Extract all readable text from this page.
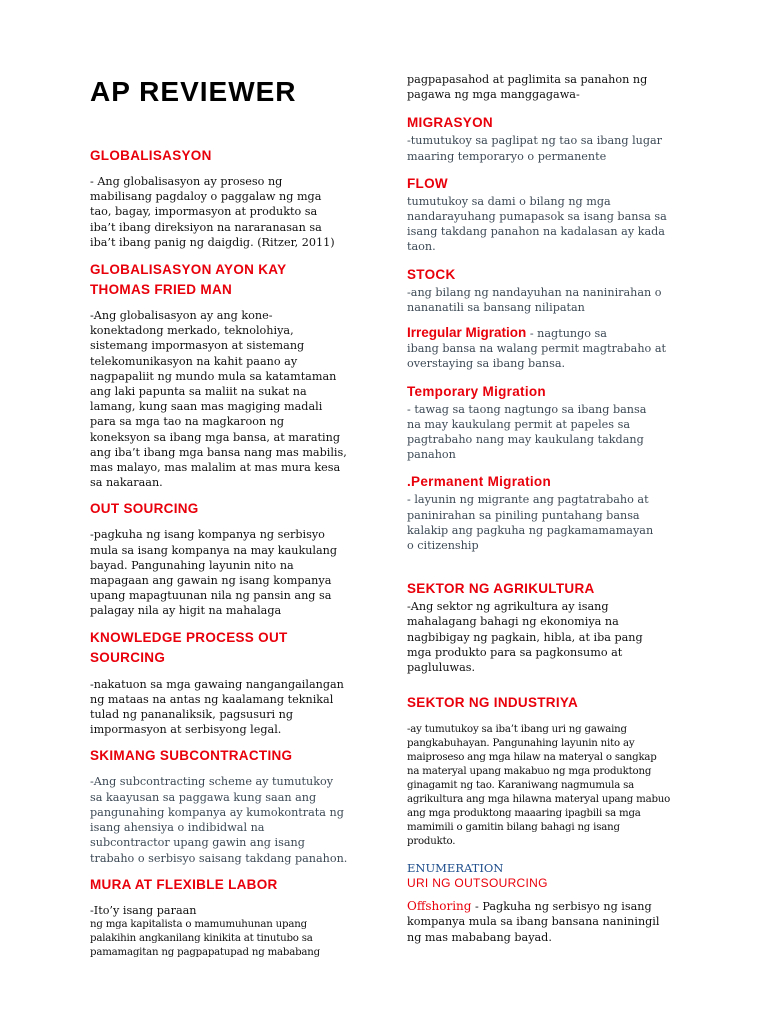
AP REVIEWER

GLOBALISASYON

- Ang globalisasyon ay proseso ng
mabilisang pagdaloy o paggalaw ng mga
tao, bagay, impormasyon at produkto sa
iba’t ibang direksiyon na nararanasan sa
iba’t ibang panig ng daigdig. (Ritzer, 2011)

GLOBALISASYON AYON KAY
THOMAS FRIED MAN

-Ang globalisasyon ay ang kone-
konektadong merkado, teknolohiya,
sistemang impormasyon at sistemang
telekomunikasyon na kahit paano ay
nagpapaliit ng mundo mula sa katamtaman
ang laki papunta sa maliit na sukat na
lamang, kung saan mas magiging madali
para sa mga tao na magkaroon ng
koneksyon sa ibang mga bansa, at marating
ang iba’t ibang mga bansa nang mas mabilis,
mas malayo, mas malalim at mas mura kesa
sa nakaraan.

OUT SOURCING

-pagkuha ng isang kompanya ng serbisyo
mula sa isang kompanya na may kaukulang
bayad. Pangunahing layunin nito na
mapagaan ang gawain ng isang kompanya
upang mapagtuunan nila ng pansin ang sa
palagay nila ay higit na mahalaga

KNOWLEDGE PROCESS OUT
SOURCING

-nakatuon sa mga gawaing nangangailangan
ng mataas na antas ng kaalamang teknikal
tulad ng pananaliksik, pagsusuri ng
impormasyon at serbisyong legal.

SKIMANG SUBCONTRACTING

-Ang subcontracting scheme ay tumutukoy
sa kaayusan sa paggawa kung saan ang
pangunahing kompanya ay kumokontrata ng
isang ahensiya o indibidwal na
subcontractor upang gawin ang isang
trabaho o serbisyo saisang takdang panahon.

MURA AT FLEXIBLE LABOR

-Ito’y isang paraan

ng mga kapitalista o mamumuhunan upang
palakihin angkanilang kinikita at tinutubo sa
pamamagitan ng pagpapatupad ng mababang

pagpapasahod at paglimita sa panahon ng
pagawa ng mga manggagawa-

MIGRASYON

-tumutukoy sa paglipat ng tao sa ibang lugar
maaring temporaryo o permanente

FLOW

tumutukoy sa dami o bilang ng mga
nandarayuhang pumapasok sa isang bansa sa
isang takdang panahon na kadalasan ay kada
taon.

STOCK

-ang bilang ng nandayuhan na naninirahan o
nananatili sa bansang nilipatan

Irregular Migration - nagtungo sa

ibang bansa na walang permit magtrabaho at
overstaying sa ibang bansa.

Temporary Migration

- tawag sa taong nagtungo sa ibang bansa
na may kaukulang permit at papeles sa
pagtrabaho nang may kaukulang takdang
panahon

.Permanent Migration

- layunin ng migrante ang pagtatrabaho at
paninirahan sa piniling puntahang bansa
kalakip ang pagkuha ng pagkamamamayan
o citizenship

SEKTOR NG AGRIKULTURA

-Ang sektor ng agrikultura ay isang
mahalagang bahagi ng ekonomiya na
nagbibigay ng pagkain, hibla, at iba pang
mga produkto para sa pagkonsumo at
pagluluwas.

SEKTOR NG INDUSTRIYA

-ay tumutukoy sa iba’t ibang uri ng gawaing
pangkabuhayan. Pangunahing layunin nito ay
maiproseso ang mga hilaw na materyal o sangkap
na materyal upang makabuo ng mga produktong
ginagamit ng tao. Karaniwang nagmumula sa
agrikultura ang mga hilawna materyal upang mabuo
ang mga produktong maaaring ipagbili sa mga
mamimili o gamitin bilang bahagi ng isang
produkto.

ENUMERATION

URI NG OUTSOURCING

Offshoring - Pagkuha ng serbisyo ng isang

kompanya mula sa ibang bansana naniningil
ng mas mababang bayad.
